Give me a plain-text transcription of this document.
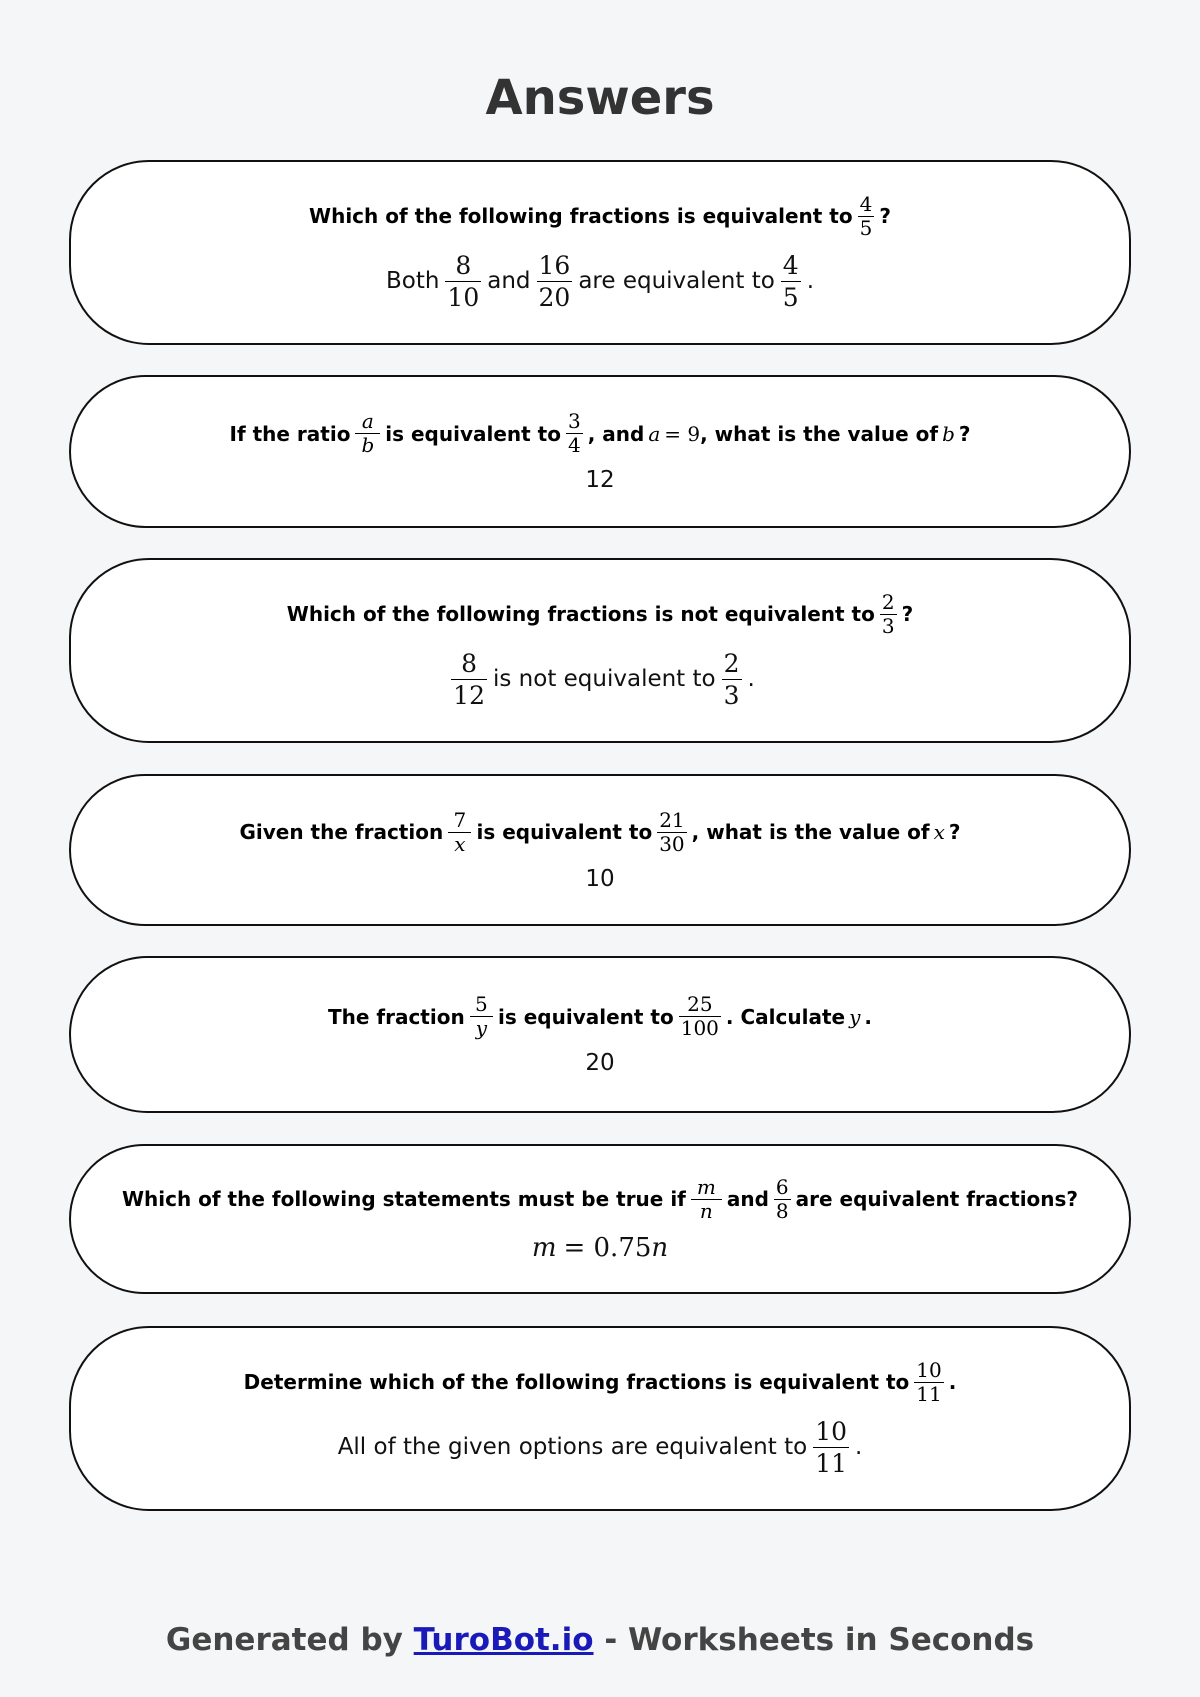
Answers
Which of the following fractions is equivalent to $\frac{4}{5}$ ?
Both $\frac{8}{10}$ and $\frac{16}{20}$ are equivalent to $\frac{4}{5}$ .
If the ratio $\frac{a}{b}$ is equivalent to $\frac{3}{4}$ , and a = 9 , what is the value of b ?
12
Which of the following fractions is not equivalent to $\frac{2}{3}$ ?
$\frac{8}{12}$ is not equivalent to $\frac{2}{3}$ .
Given the fraction $\frac{7}{x}$ is equivalent to $\frac{21}{30}$ , what is the value of x ?
10
The fraction $\frac{5}{y}$ is equivalent to $\frac{25}{100}$ . Calculate y .
20
Which of the following statements must be true if $\frac{m}{n}$ and $\frac{6}{8}$ are equivalent fractions?
m = 0.75 n
Determine which of the following fractions is equivalent to $\frac{10}{11}$ .
All of the given options are equivalent to $\frac{10}{11}$ .
Generated by TuroBot.io - Worksheets in Seconds
